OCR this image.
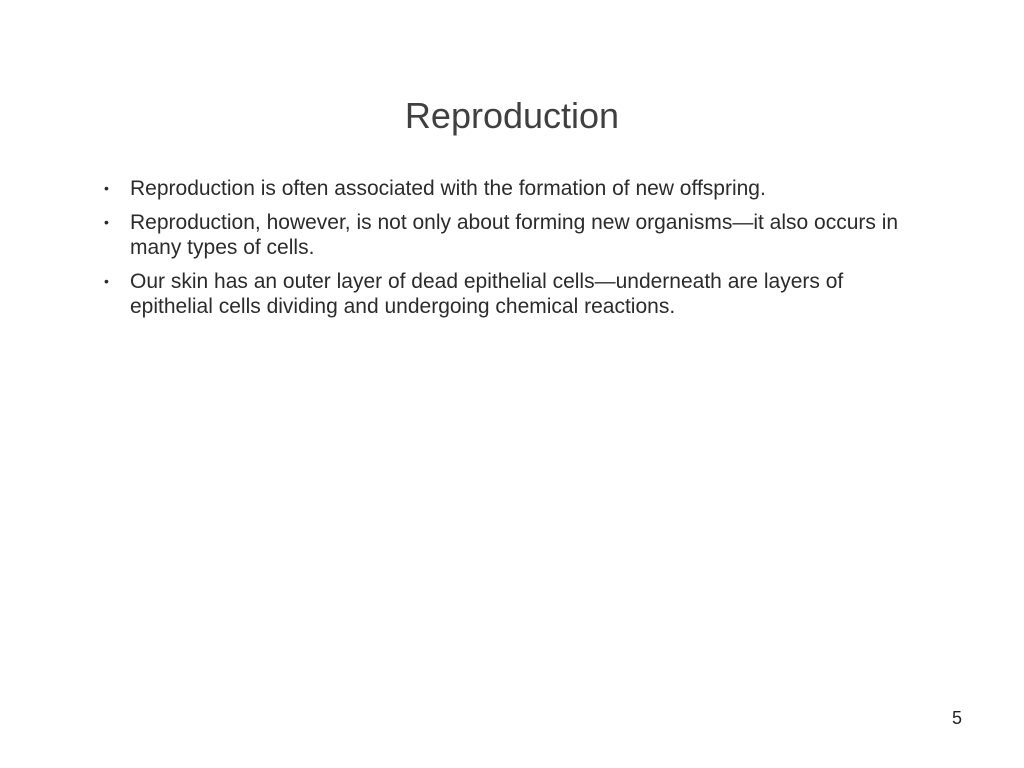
Reproduction
• Reproduction is often associated with the formation of new offspring.
• Reproduction, however, is not only about forming new organisms—it also occurs in many types of cells.
• Our skin has an outer layer of dead epithelial cells—underneath are layers of epithelial cells dividing and undergoing chemical reactions.
5
